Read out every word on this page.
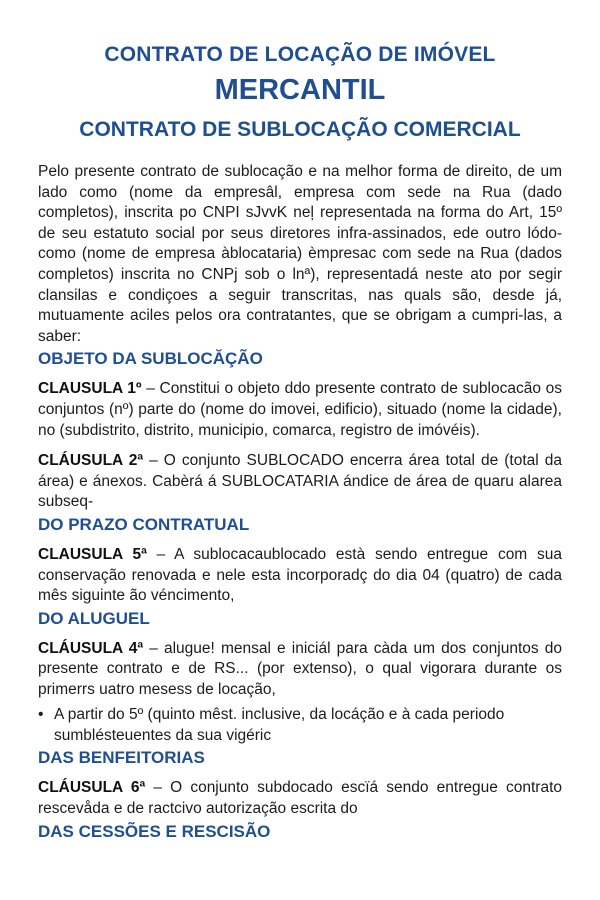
CONTRATO DE LOCAÇÃO DE IMÓVEL
MERCANTIL
CONTRATO DE SUBLOCAÇÃO COMERCIAL

Pelo presente contrato de sublocação e na melhor forma de direito, de um lado como (nome da empresâl, empresa com sede na Rua (dado completos), inscrita po CNPI sJvvK neļ representada na forma do Art, 15º de seu estatuto social por seus diretores infra-assinados, ede outro lódo-como (nome de empresa àblocataria) èmpresac com sede na Rua (dados completos) inscrita no CNPj sob o lnª), representadá neste ato por segir clansilas e condiçoes a seguir transcritas, nas quals são, desde já, mutuamente aciles pelos ora contratantes, que se obrigam a cumpri-las, a saber:

OBJETO DA SUBLOCĂÇÃO

CLAUSULA 1º – Constitui o objeto ddo presente contrato de sublocacão os conjuntos (nº) parte do (nome do imovei, edificio), situado (nome la cidade), no (subdistrito, distrito, municipio, comarca, registro de imóvéis).

CLÁUSULA 2ª – O conjunto SUBLOCADO encerra área total de (total da área) e ánexos. Cabèrá á SUBLOCATARIA ándice de área de quaru alarea subseq-

DO PRAZO CONTRATUAL

CLAUSULA 5ª – A sublocacaublocado està sendo entregue com sua conservação renovada e nele esta incorporadç do dia 04 (quatro) de cada mês siguinte ão véncimento,

DO ALUGUEL

CLÁUSULA 4ª – alugue! mensal e iniciál para càda um dos conjuntos do presente contrato e de RS... (por extenso), o qual vigorara durante os primerrs uatro mesess de locação,

• A partir do 5º (quinto mêst. inclusive, da locáção e à cada periodo sumblésteuentes da sua vigéric
DAS BENFEITORIAS

CLÁUSULA 6ª – O conjunto subdocado escïá sendo entregue contrato rescevåda e de ractcivo autorização escrita do

DAS CESSÕES E RESCISÃO
